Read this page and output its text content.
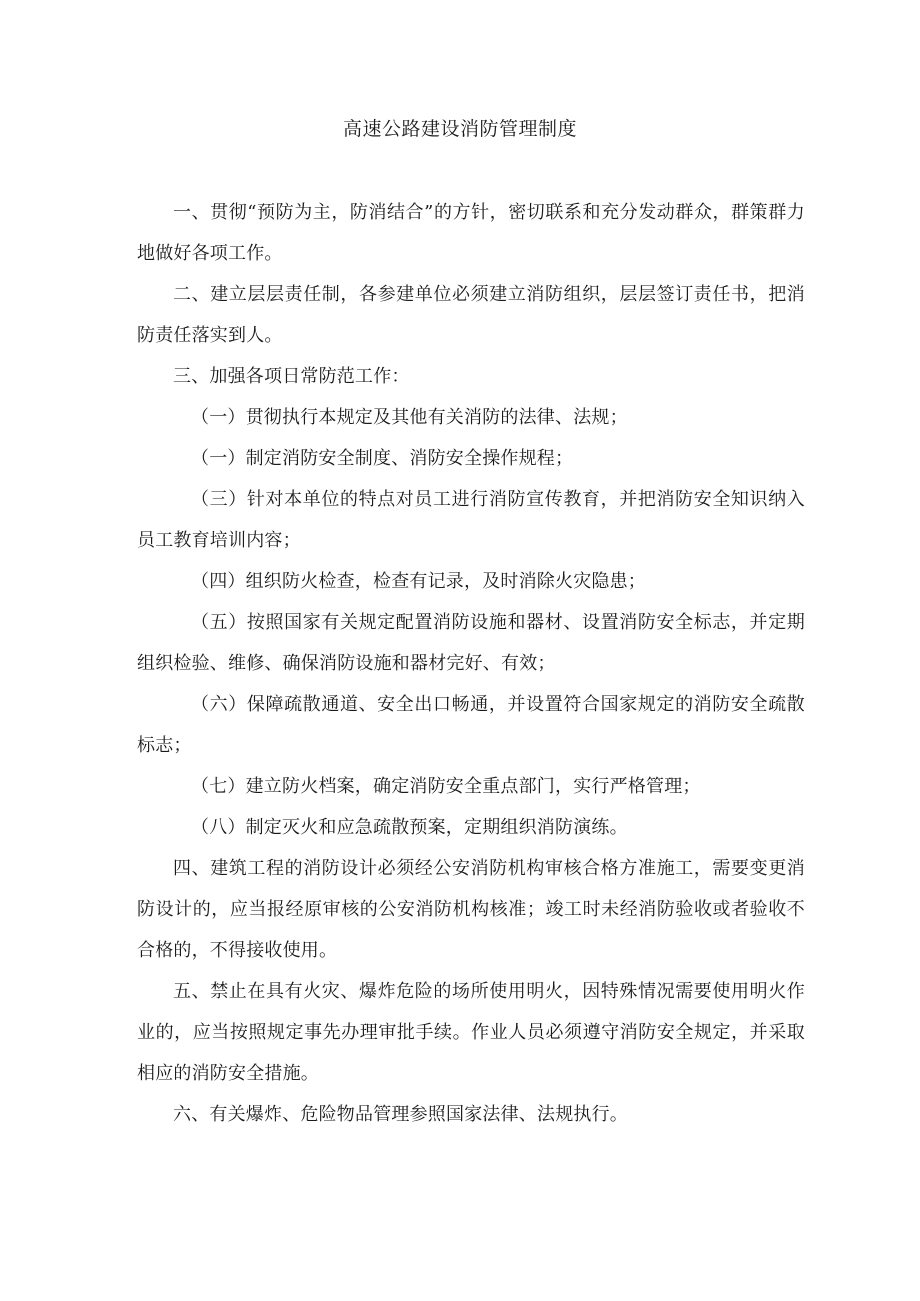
高速公路建设消防管理制度

一、贯彻“预防为主，防消结合”的方针，密切联系和充分发动群众，群策群力地做好各项工作。

二、建立层层责任制，各参建单位必须建立消防组织，层层签订责任书，把消防责任落实到人。

三、加强各项日常防范工作：

（一）贯彻执行本规定及其他有关消防的法律、法规；

（一）制定消防安全制度、消防安全操作规程；

（三）针对本单位的特点对员工进行消防宣传教育，并把消防安全知识纳入员工教育培训内容；

（四）组织防火检查，检查有记录，及时消除火灾隐患；

（五）按照国家有关规定配置消防设施和器材、设置消防安全标志，并定期组织检验、维修、确保消防设施和器材完好、有效；

（六）保障疏散通道、安全出口畅通，并设置符合国家规定的消防安全疏散标志；

（七）建立防火档案，确定消防安全重点部门，实行严格管理；

（八）制定灭火和应急疏散预案，定期组织消防演练。

四、建筑工程的消防设计必须经公安消防机构审核合格方准施工，需要变更消防设计的，应当报经原审核的公安消防机构核准；竣工时未经消防验收或者验收不合格的，不得接收使用。

五、禁止在具有火灾、爆炸危险的场所使用明火，因特殊情况需要使用明火作业的，应当按照规定事先办理审批手续。作业人员必须遵守消防安全规定，并采取相应的消防安全措施。

六、有关爆炸、危险物品管理参照国家法律、法规执行。
